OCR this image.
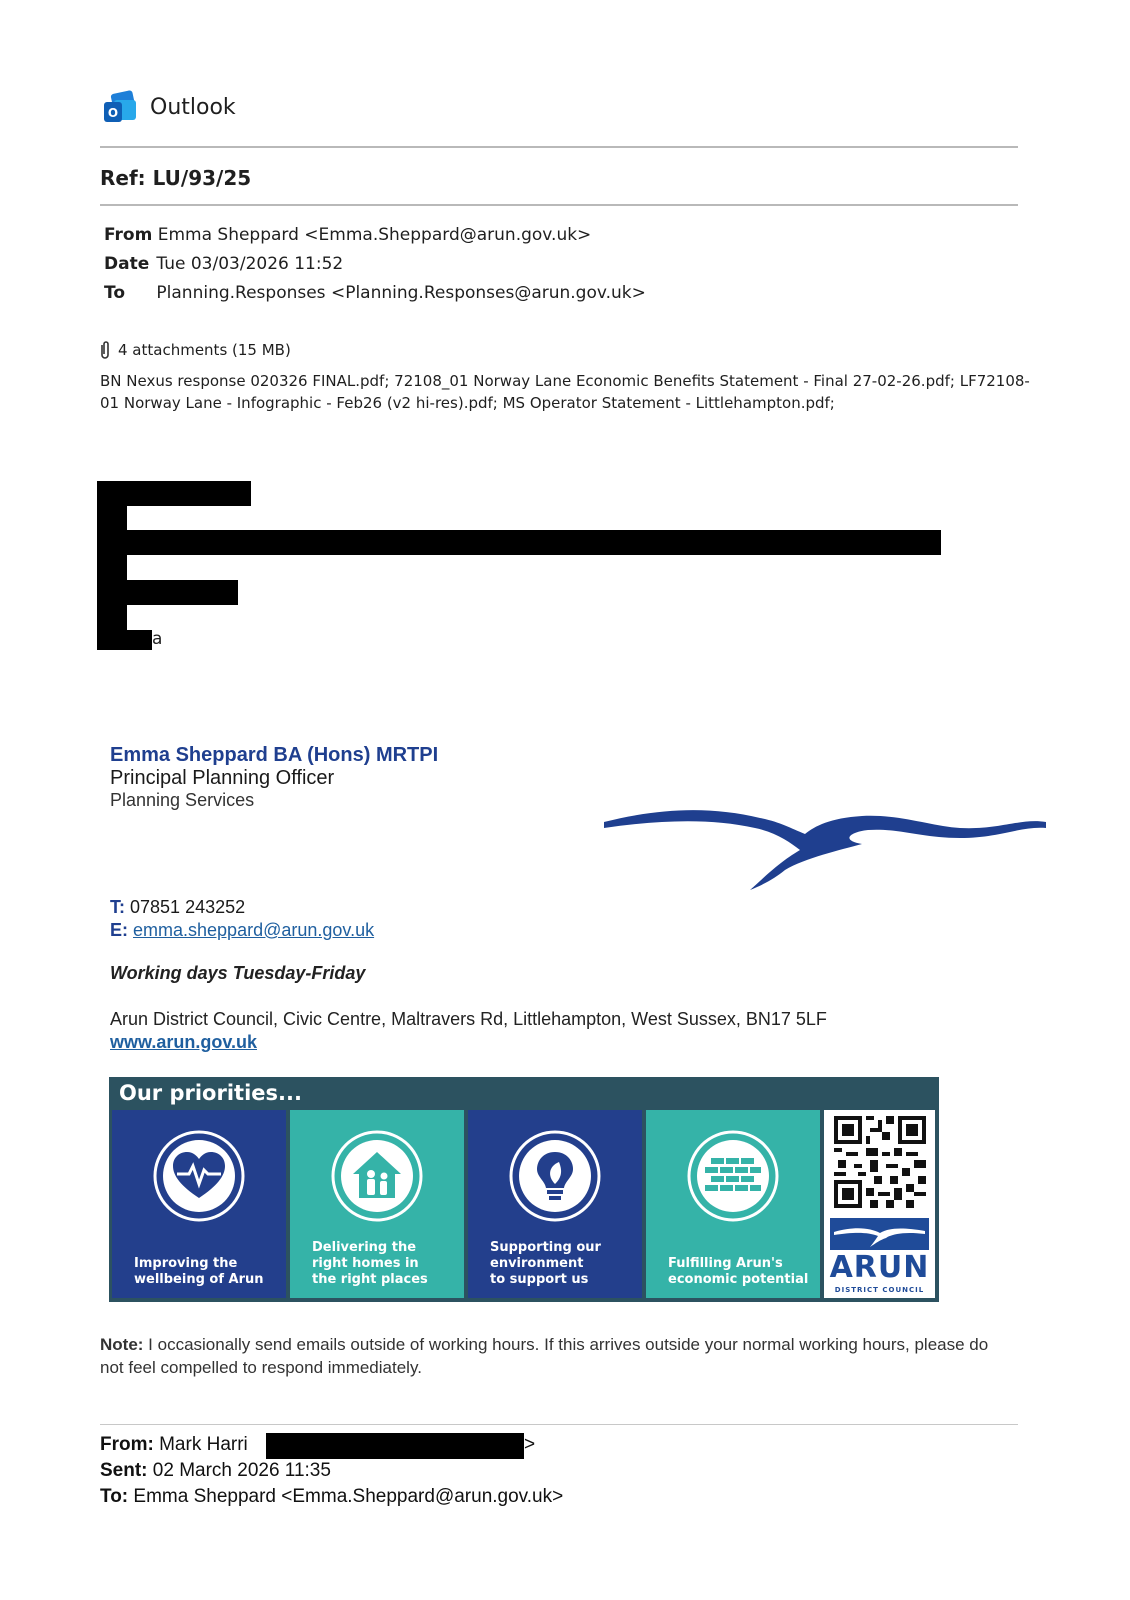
O Outlook
Ref: LU/93/25
From Emma Sheppard <Emma.Sheppard@arun.gov.uk>
Date Tue 03/03/2026 11:52
To Planning.Responses <Planning.Responses@arun.gov.uk>
4 attachments (15 MB)
BN Nexus response 020326 FINAL.pdf; 72108_01 Norway Lane Economic Benefits Statement - Final 27-02-26.pdf; LF72108-01 Norway Lane - Infographic - Feb26 (v2 hi-res).pdf; MS Operator Statement - Littlehampton.pdf;
a
Emma Sheppard BA (Hons) MRTPI
Principal Planning Officer
Planning Services
T: 07851 243252
E: emma.sheppard@arun.gov.uk
Working days Tuesday-Friday
Arun District Council, Civic Centre, Maltravers Rd, Littlehampton, West Sussex, BN17 5LF
www.arun.gov.uk
Our priorities...
Improving the
wellbeing of Arun
Delivering the
right homes in
the right places
Supporting our
environment
to support us
Fulfilling Arun's
economic potential ARUN
DISTRICT COUNCIL
Note: I occasionally send emails outside of working hours. If this arrives outside your normal working hours, please do not feel compelled to respond immediately.
From: Mark Harri	>
Sent: 02 March 2026 11:35
To: Emma Sheppard <Emma.Sheppard@arun.gov.uk>
